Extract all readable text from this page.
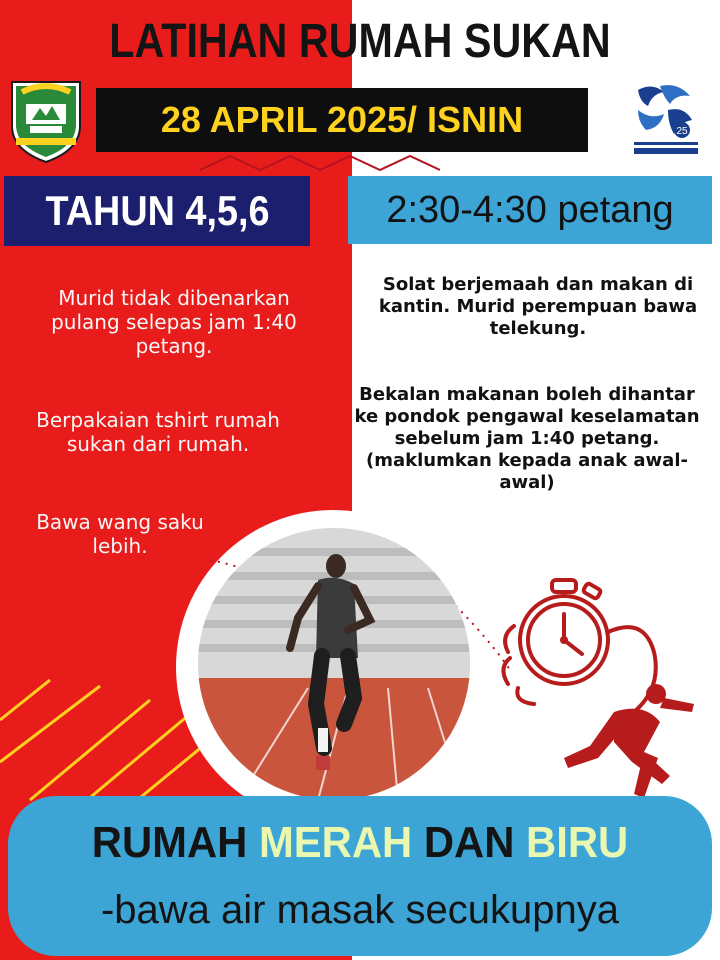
LATIHAN RUMAH SUKAN
28 APRIL 2025/ ISNIN	25
TAHUN 4,5,6	2:30-4:30 petang
Murid tidak dibenarkan pulang selepas jam 1:40 petang.
Berpakaian tshirt rumah sukan dari rumah.
Bawa wang saku lebih.
Solat berjemaah dan makan di kantin. Murid perempuan bawa telekung.
Bekalan makanan boleh dihantar ke pondok pengawal keselamatan sebelum jam 1:40 petang. (maklumkan kepada anak awal-awal)
RUMAH MERAH DAN BIRU
-bawa air masak secukupnya
